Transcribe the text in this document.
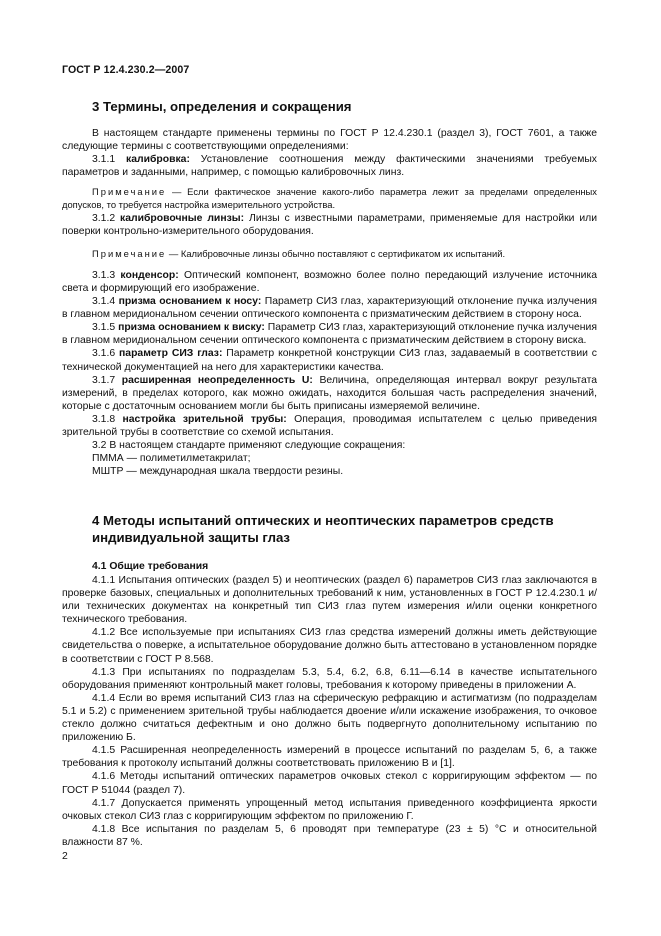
ГОСТ Р 12.4.230.2—2007
3 Термины, определения и сокращения

В настоящем стандарте применены термины по ГОСТ Р 12.4.230.1 (раздел 3), ГОСТ 7601, а также следующие термины с соответствующими определениями:

3.1.1 калибровка: Установление соотношения между фактическими значениями требуемых параметров и заданными, например, с помощью калибровочных линз.

Примечание — Если фактическое значение какого-либо параметра лежит за пределами определенных допусков, то требуется настройка измерительного устройства.

3.1.2 калибровочные линзы: Линзы с известными параметрами, применяемые для настройки или поверки контрольно-измерительного оборудования.

Примечание — Калибровочные линзы обычно поставляют с сертификатом их испытаний.

3.1.3 конденсор: Оптический компонент, возможно более полно передающий излучение источника света и формирующий его изображение.

3.1.4 призма основанием к носу: Параметр СИЗ глаз, характеризующий отклонение пучка излучения в главном меридиональном сечении оптического компонента с призматическим действием в сторону носа.

3.1.5 призма основанием к виску: Параметр СИЗ глаз, характеризующий отклонение пучка излучения в главном меридиональном сечении оптического компонента с призматическим действием в сторону виска.

3.1.6 параметр СИЗ глаз: Параметр конкретной конструкции СИЗ глаз, задаваемый в соответствии с технической документацией на него для характеристики качества.

3.1.7 расширенная неопределенность U: Величина, определяющая интервал вокруг результата измерений, в пределах которого, как можно ожидать, находится большая часть распределения значений, которые с достаточным основанием могли бы быть приписаны измеряемой величине.

3.1.8 настройка зрительной трубы: Операция, проводимая испытателем с целью приведения зрительной трубы в соответствие со схемой испытания.

3.2 В настоящем стандарте применяют следующие сокращения:

ПММА — полиметилметакрилат;

МШТР — международная шкала твердости резины.

4 Методы испытаний оптических и неоптических параметров средств индивидуальной защиты глаз
4.1 Общие требования

4.1.1 Испытания оптических (раздел 5) и неоптических (раздел 6) параметров СИЗ глаз заключаются в проверке базовых, специальных и дополнительных требований к ним, установленных в ГОСТ Р 12.4.230.1 и/или технических документах на конкретный тип СИЗ глаз путем измерения и/или оценки конкретного технического требования.

4.1.2 Все используемые при испытаниях СИЗ глаз средства измерений должны иметь действующие свидетельства о поверке, а испытательное оборудование должно быть аттестовано в установленном порядке в соответствии с ГОСТ Р 8.568.

4.1.3 При испытаниях по подразделам 5.3, 5.4, 6.2, 6.8, 6.11—6.14 в качестве испытательного оборудования применяют контрольный макет головы, требования к которому приведены в приложении А.

4.1.4 Если во время испытаний СИЗ глаз на сферическую рефракцию и астигматизм (по подразделам 5.1 и 5.2) с применением зрительной трубы наблюдается двоение и/или искажение изображения, то очковое стекло должно считаться дефектным и оно должно быть подвергнуто дополнительному испытанию по приложению Б.

4.1.5 Расширенная неопределенность измерений в процессе испытаний по разделам 5, 6, а также требования к протоколу испытаний должны соответствовать приложению В и [1].

4.1.6 Методы испытаний оптических параметров очковых стекол с корригирующим эффектом — по ГОСТ Р 51044 (раздел 7).

4.1.7 Допускается применять упрощенный метод испытания приведенного коэффициента яркости очковых стекол СИЗ глаз с корригирующим эффектом по приложению Г.

4.1.8 Все испытания по разделам 5, 6 проводят при температуре (23 ± 5) °С и относительной влажности 87 %.

2
